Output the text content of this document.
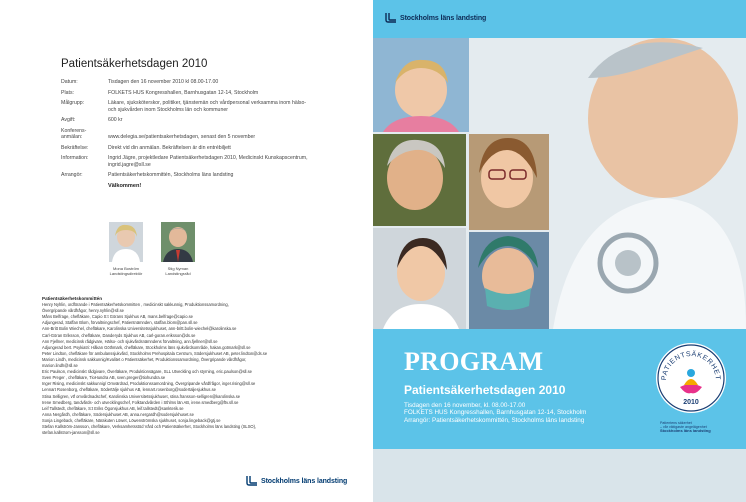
Patientsäkerhetsdagen 2010
Datum:	Tisdagen den 16 november 2010 kl 08.00-17.00
Plats:	FOLKETS HUS Kongresshallen, Barnhusgatan 12-14, Stockholm
Målgrupp:	Läkare, sjuksköterskor, politiker, tjänstemän och vårdpersonal verksamma inom hälso- och sjukvården inom Stockholms län och kommuner
Avgift:	600 kr
Konferens-anmälan:	www.delegia.se/patientsakerhetsdagen, senast den 5 november
Bekräftelse:	Direkt vid din anmälan. Bekräftelsen är din entrébiljett
Information:	Ingrid Jägre, projektledare Patientsäkerhetsdagen 2010, Medicinskt Kunskapscentrum, ingrid.jagre@sll.se
Arrangör:	Patientsäkerhetskommittén, Stockholms läns landsting
Välkommen!
Mona Boström
Landstingsdirektör
Stig Nyman
Landstingsråd
Patientsäkerhetskommittén
Henry Nyhlin, ordförande i Patientsäkerhetskommitten , medicinskt sakkunnig, Produktionssamordning,
Övergripande vårdfrågor, henry.nyhlin@sll.se
Måns Belfrage, chefläkare, Capio S:t Görans Sjukhus AB, mans.belfrage@capio.se
Adjungerad, Staffan Blom, förvaltningschef, Patientnämnden, staffan.blom@pan.sll.se
Ann-Britt Bolin Wiechel, chefläkare, Karolinska Universitetssjukhuset, ann-britt.bolin-wiechel@karolinska.se
Carl-Göran Eriksson, chefläkare, Danderyds Sjukhus AB, carl-goran.eriksson@ds.se
Ann Fjellner, medicinsk rådgivare, Hälso- och sjukvårdsnämndens förvaltning, ann.fjellner@sll.se
Adjungerad bert. Psykiatri: Håkan Göthmark, chefläkare, Stockholms läns sjukvårdsområde, hakan.gotmark@sll.se
Peter Lindton, chefläkare för ambulanssjukvård, Stockholms Prehospitala Centrum, Södersjukhuset AB, peter.lindton@ds.se
Marion Lindh, medicinsk sakkunnig/Kvalitet o Patientsäkerhet, Produktionssamordning, Övergripande vårdfrågor,
marion.lindh@sll.se
Eric Paulson, medicinskt rådgivare, Överläkare, Produktionsägare, SLL Utveckling och styrning, eric.paulson@sll.se
Sven Preger , chefläkare, TioHundra AB, sven.preger@tiohundra.se
Inger Rising, medicinskt sakkunnig/ Omvärdrad, Produktionssamordning, Övergripande vårdfrågor, inger.rising@sll.se
Lennart Rosenborg, chefläkare, Södertälje sjukhus AB, lennart.rosenborg@sodertaljesjukhus.se
Stina Selligren, vtf omvårdnadschef, Karolinska Universitetssjukhuset, stina.fransson-selligren@karolinska.se
Irene Smedberg, tandvårds- och utvecklingschef, Folktandvården i Sthlms län AB, irene.smedberg@ftv.sll.se
Leif Tallstedt, chefläkare, S:t Eriks Ögonsjukhus AB, leif.tallstedt@sankterik.se
Anna Nergårdh, chefläkare, Södersjukhuset AB, anna.nergardh@sodersjukhuset.se
Sonja Lingeback, chefläkare, Närakuten Löwet, Löwenströmska sjukhuset, sonja.lingeback@gtj.se
Stefan Kallström-Jansson, chefläkare, Verksamhetsstöd Vård och Patientsäkerhet, Stockholms läns landsting (SLSO),
stefan.kallstrom-jansson@sll.se
Stockholms läns landsting
Stockholms läns landsting
PROGRAM
Patientsäkerhetsdagen 2010
Tisdagen den 16 november, kl. 08.00-17.00
FOLKETS HUS Kongresshallen, Barnhusgatan 12-14, Stockholm
Arrangör: Patientsäkerhetskommittén, Stockholms läns landsting
PATIENTSÄKERHET
2010
Patientens säkerhet
– vår viktigaste angelägenhet
Stockholms läns landsting
